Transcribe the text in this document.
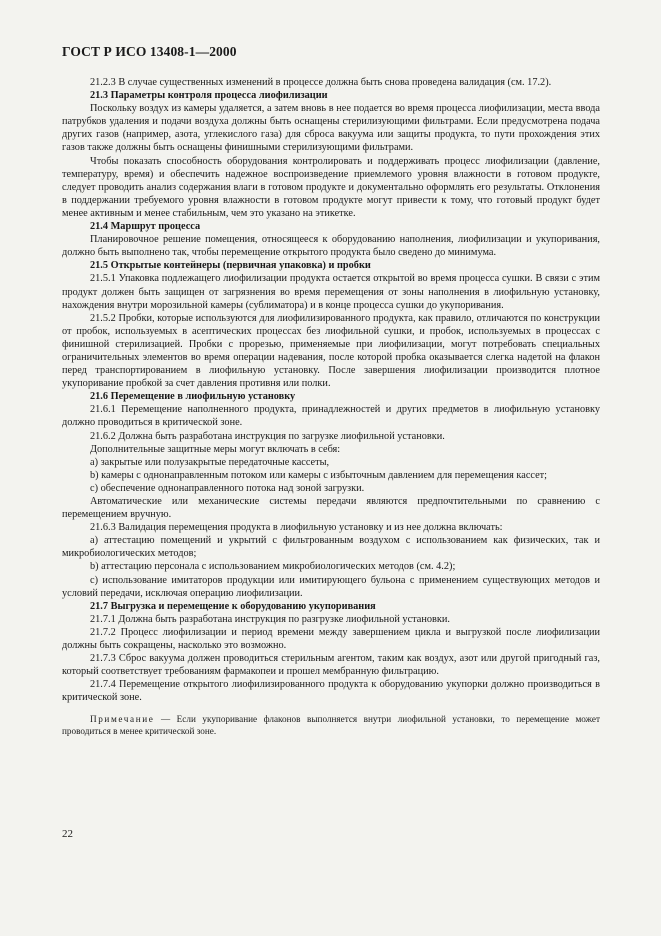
ГОСТ Р ИСО 13408-1—2000

21.2.3 В случае существенных изменений в процессе должна быть снова проведена валидация (см. 17.2).

21.3 Параметры контроля процесса лиофилизации

Поскольку воздух из камеры удаляется, а затем вновь в нее подается во время процесса лиофилизации, места ввода патрубков удаления и подачи воздуха должны быть оснащены стерилизующими фильтрами. Если предусмотрена подача других газов (например, азота, углекислого газа) для сброса вакуума или защиты продукта, то пути прохождения этих газов также должны быть оснащены финишными стерилизующими фильтрами.

Чтобы показать способность оборудования контролировать и поддерживать процесс лиофилизации (давление, температуру, время) и обеспечить надежное воспроизведение приемлемого уровня влажности в готовом продукте, следует проводить анализ содержания влаги в готовом продукте и документально оформлять его результаты. Отклонения в поддержании требуемого уровня влажности в готовом продукте могут привести к тому, что готовый продукт будет менее активным и менее стабильным, чем это указано на этикетке.

21.4 Маршрут процесса

Планировочное решение помещения, относящееся к оборудованию наполнения, лиофилизации и укупоривания, должно быть выполнено так, чтобы перемещение открытого продукта было сведено до минимума.

21.5 Открытые контейнеры (первичная упаковка) и пробки

21.5.1 Упаковка подлежащего лиофилизации продукта остается открытой во время процесса сушки. В связи с этим продукт должен быть защищен от загрязнения во время перемещения от зоны наполнения в лиофильную установку, нахождения внутри морозильной камеры (сублиматора) и в конце процесса сушки до укупоривания.

21.5.2 Пробки, которые используются для лиофилизированного продукта, как правило, отличаются по конструкции от пробок, используемых в асептических процессах без лиофильной сушки, и пробок, используемых в процессах с финишной стерилизацией. Пробки с прорезью, применяемые при лиофилизации, могут потребовать специальных ограничительных элементов во время операции надевания, после которой пробка оказывается слегка надетой на флакон перед транспортированием в лиофильную установку. После завершения лиофилизации производится плотное укупоривание пробкой за счет давления противня или полки.

21.6 Перемещение в лиофильную установку

21.6.1 Перемещение наполненного продукта, принадлежностей и других предметов в лиофильную установку должно проводиться в критической зоне.

21.6.2 Должна быть разработана инструкция по загрузке лиофильной установки.

Дополнительные защитные меры могут включать в себя:

a) закрытые или полузакрытые передаточные кассеты,

b) камеры с однонаправленным потоком или камеры с избыточным давлением для перемещения кассет;

c) обеспечение однонаправленного потока над зоной загрузки.

Автоматические или механические системы передачи являются предпочтительными по сравнению с перемещением вручную.

21.6.3 Валидация перемещения продукта в лиофильную установку и из нее должна включать:

a) аттестацию помещений и укрытий с фильтрованным воздухом с использованием как физических, так и микробиологических методов;

b) аттестацию персонала с использованием микробиологических методов (см. 4.2);

c) использование имитаторов продукции или имитирующего бульона с применением существующих методов и условий передачи, исключая операцию лиофилизации.

21.7 Выгрузка и перемещение к оборудованию укупоривания

21.7.1 Должна быть разработана инструкция по разгрузке лиофильной установки.

21.7.2 Процесс лиофилизации и период времени между завершением цикла и выгрузкой после лиофилизации должны быть сокращены, насколько это возможно.

21.7.3 Сброс вакуума должен проводиться стерильным агентом, таким как воздух, азот или другой пригодный газ, который соответствует требованиям фармакопеи и прошел мембранную фильтрацию.

21.7.4 Перемещение открытого лиофилизированного продукта к оборудованию укупорки должно производиться в критической зоне.

Примечание — Если укупоривание флаконов выполняется внутри лиофильной установки, то перемещение может проводиться в менее критической зоне.

22
